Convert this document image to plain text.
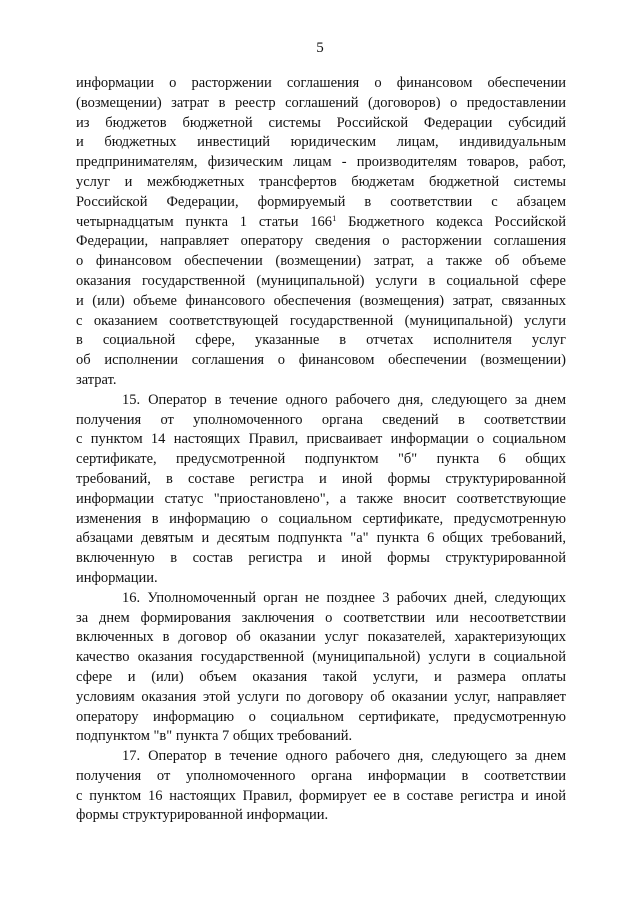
5
информации о расторжении соглашения о финансовом обеспечении
(возмещении) затрат в реестр соглашений (договоров) о предоставлении
из бюджетов бюджетной системы Российской Федерации субсидий
и бюджетных инвестиций юридическим лицам, индивидуальным
предпринимателям, физическим лицам - производителям товаров, работ,
услуг и межбюджетных трансфертов бюджетам бюджетной системы
Российской Федерации, формируемый в соответствии с абзацем
четырнадцатым пункта 1 статьи $166^1$ Бюджетного кодекса Российской
Федерации, направляет оператору сведения о расторжении соглашения
о финансовом обеспечении (возмещении) затрат, а также об объеме
оказания государственной (муниципальной) услуги в социальной сфере
и (или) объеме финансового обеспечения (возмещения) затрат, связанных
с оказанием соответствующей государственной (муниципальной) услуги
в социальной сфере, указанные в отчетах исполнителя услуг
об исполнении соглашения о финансовом обеспечении (возмещении)
затрат.
15. Оператор в течение одного рабочего дня, следующего за днем
получения от уполномоченного органа сведений в соответствии
с пунктом 14 настоящих Правил, присваивает информации о социальном
сертификате, предусмотренной подпунктом "б" пункта 6 общих
требований, в составе регистра и иной формы структурированной
информации статус "приостановлено", а также вносит соответствующие
изменения в информацию о социальном сертификате, предусмотренную
абзацами девятым и десятым подпункта "а" пункта 6 общих требований,
включенную в состав регистра и иной формы структурированной
информации.
16. Уполномоченный орган не позднее 3 рабочих дней, следующих
за днем формирования заключения о соответствии или несоответствии
включенных в договор об оказании услуг показателей, характеризующих
качество оказания государственной (муниципальной) услуги в социальной
сфере и (или) объем оказания такой услуги, и размера оплаты
условиям оказания этой услуги по договору об оказании услуг, направляет
оператору информацию о социальном сертификате, предусмотренную
подпунктом "в" пункта 7 общих требований.
17. Оператор в течение одного рабочего дня, следующего за днем
получения от уполномоченного органа информации в соответствии
с пунктом 16 настоящих Правил, формирует ее в составе регистра и иной
формы структурированной информации.
